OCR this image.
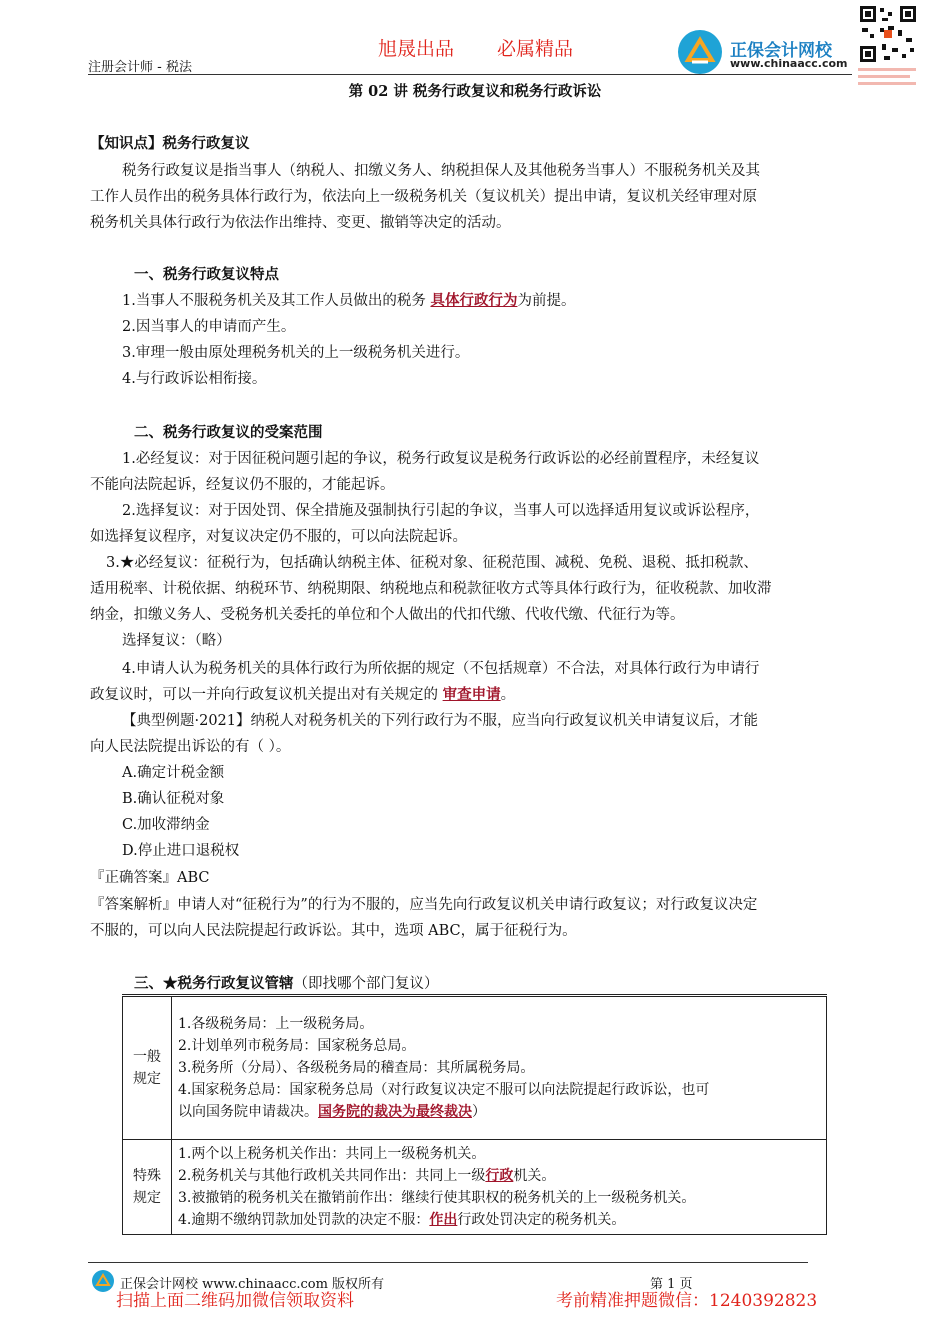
注册会计师 - 税法
旭晟出品 必属精品	正保会计网校
www.chinaacc.com
第 02 讲 税务行政复议和税务行政诉讼
【知识点】税务行政复议
税务行政复议是指当事人（纳税人、扣缴义务人、纳税担保人及其他税务当事人）不服税务机关及其
工作人员作出的税务具体行政行为，依法向上一级税务机关（复议机关）提出申请，复议机关经审理对原
税务机关具体行政行为依法作出维持、变更、撤销等决定的活动。
一、税务行政复议特点
1.当事人不服税务机关及其工作人员做出的税务 具体行政行为为前提。
2.因当事人的申请而产生。
3.审理一般由原处理税务机关的上一级税务机关进行。
4.与行政诉讼相衔接。
二、税务行政复议的受案范围
1.必经复议：对于因征税问题引起的争议，税务行政复议是税务行政诉讼的必经前置程序，未经复议
不能向法院起诉，经复议仍不服的，才能起诉。
2.选择复议：对于因处罚、保全措施及强制执行引起的争议，当事人可以选择适用复议或诉讼程序，
如选择复议程序，对复议决定仍不服的，可以向法院起诉。
3.★必经复议：征税行为，包括确认纳税主体、征税对象、征税范围、减税、免税、退税、抵扣税款、
适用税率、计税依据、纳税环节、纳税期限、纳税地点和税款征收方式等具体行政行为，征收税款、加收滞
纳金，扣缴义务人、受税务机关委托的单位和个人做出的代扣代缴、代收代缴、代征行为等。
选择复议：（略）
4.申请人认为税务机关的具体行政行为所依据的规定（不包括规章）不合法，对具体行政行为申请行
政复议时，可以一并向行政复议机关提出对有关规定的 审查申请。
【典型例题·2021】纳税人对税务机关的下列行政行为不服，应当向行政复议机关申请复议后，才能
向人民法院提出诉讼的有（ ）。
A.确定计税金额
B.确认征税对象
C.加收滞纳金
D.停止进口退税权
『正确答案』ABC
『答案解析』申请人对“征税行为”的行为不服的，应当先向行政复议机关申请行政复议；对行政复议决定
不服的，可以向人民法院提起行政诉讼。其中，选项 ABC，属于征税行为。
三、★税务行政复议管辖（即找哪个部门复议）
一般规定	1.各级税务局：上一级税务局。
2.计划单列市税务局：国家税务总局。
3.税务所（分局）、各级税务局的稽查局：其所属税务局。
4.国家税务总局：国家税务总局（对行政复议决定不服可以向法院提起行政诉讼，也可
以向国务院申请裁决。国务院的裁决为最终裁决）

特殊规定	1.两个以上税务机关作出：共同上一级税务机关。
2.税务机关与其他行政机关共同作出：共同上一级行政机关。
3.被撤销的税务机关在撤销前作出：继续行使其职权的税务机关的上一级税务机关。
4.逾期不缴纳罚款加处罚款的决定不服：作出行政处罚决定的税务机关。
正保会计网校 www.chinaacc.com 版权所有	第 1 页
扫描上面二维码加微信领取资料	考前精准押题微信：1240392823
